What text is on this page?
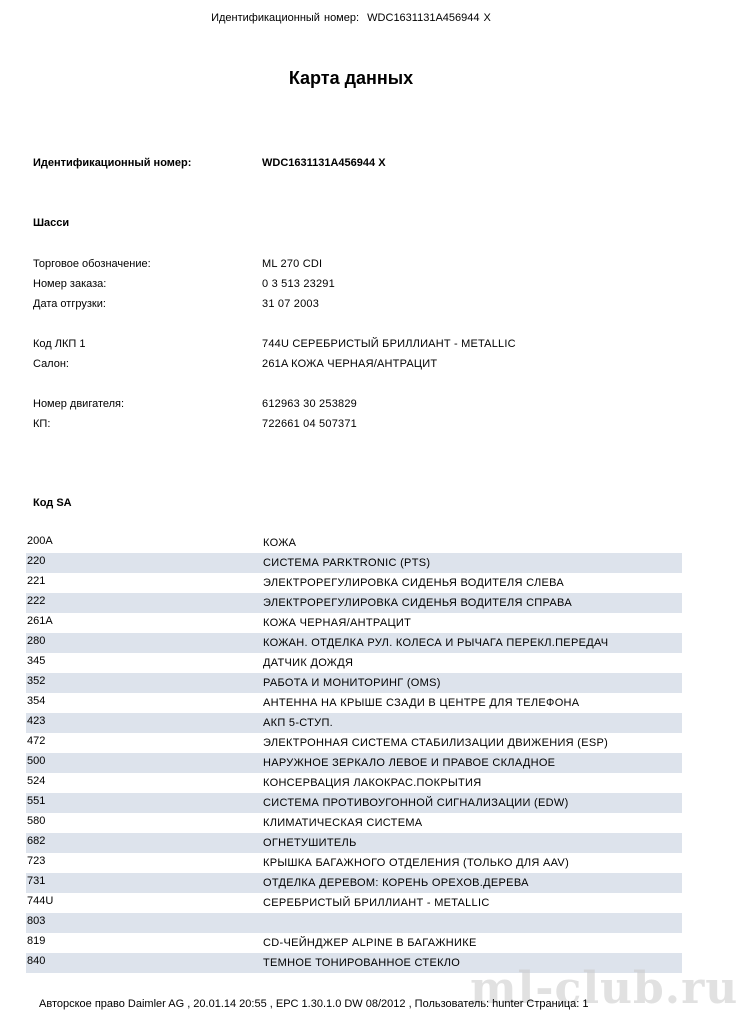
Идентификационный номер: WDC1631131A456944 X
Карта данных
Идентификационный номер:	WDC1631131A456944 X
Шасси
Торговое обозначение:	ML 270 CDI
Номер заказа:	0 3 513 23291
Дата отгрузки:	31 07 2003
Код ЛКП 1	744U СЕРЕБРИСТЫЙ БРИЛЛИАНТ - METALLIC
Салон:	261A КОЖА ЧЕРНАЯ/АНТРАЦИТ
Номер двигателя:	612963 30 253829
КП:	722661 04 507371
Код SA
200A	КОЖА
220	СИСТЕМА PARKTRONIC (PTS)
221	ЭЛЕКТРОРЕГУЛИРОВКА СИДЕНЬЯ ВОДИТЕЛЯ СЛЕВА
222	ЭЛЕКТРОРЕГУЛИРОВКА СИДЕНЬЯ ВОДИТЕЛЯ СПРАВА
261A	КОЖА ЧЕРНАЯ/АНТРАЦИТ
280	КОЖАН. ОТДЕЛКА РУЛ. КОЛЕСА И РЫЧАГА ПЕРЕКЛ.ПЕРЕДАЧ
345	ДАТЧИК ДОЖДЯ
352	РАБОТА И МОНИТОРИНГ (OMS)
354	АНТЕННА НА КРЫШЕ СЗАДИ В ЦЕНТРЕ ДЛЯ ТЕЛЕФОНА
423	АКП 5-СТУП.
472	ЭЛЕКТРОННАЯ СИСТЕМА СТАБИЛИЗАЦИИ ДВИЖЕНИЯ (ESP)
500	НАРУЖНОЕ ЗЕРКАЛО ЛЕВОЕ И ПРАВОЕ СКЛАДНОЕ
524	КОНСЕРВАЦИЯ ЛАКОКРАС.ПОКРЫТИЯ
551	СИСТЕМА ПРОТИВОУГОННОЙ СИГНАЛИЗАЦИИ (EDW)
580	КЛИМАТИЧЕСКАЯ СИСТЕМА
682	ОГНЕТУШИТЕЛЬ
723	КРЫШКА БАГАЖНОГО ОТДЕЛЕНИЯ (ТОЛЬКО ДЛЯ AAV)
731	ОТДЕЛКА ДЕРЕВОМ: КОРЕНЬ ОРЕХОВ.ДЕРЕВА
744U	СЕРЕБРИСТЫЙ БРИЛЛИАНТ - METALLIC
803	
819	CD-ЧЕЙНДЖЕР ALPINE В БАГАЖНИКЕ
840	ТЕМНОЕ ТОНИРОВАННОЕ СТЕКЛО ml-club.ru
Авторское право Daimler AG , 20.01.14 20:55 , EPC 1.30.1.0 DW 08/2012 , Пользователь: hunter Страница: 1
